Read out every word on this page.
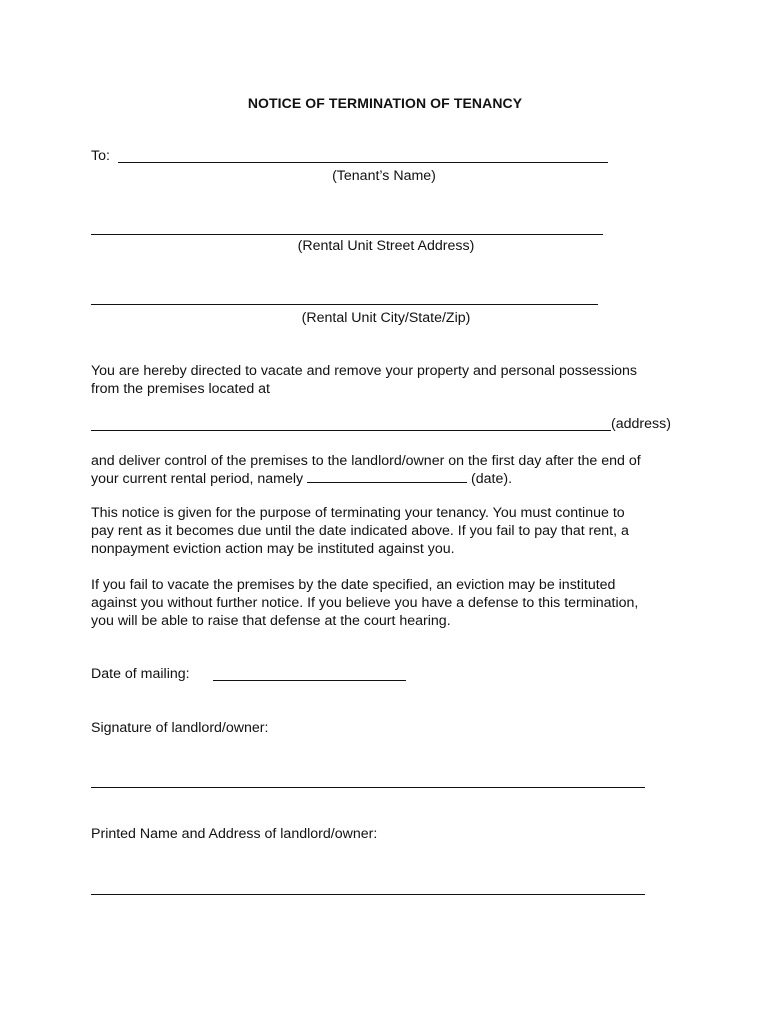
NOTICE OF TERMINATION OF TENANCY
To:
(Tenant’s Name)
(Rental Unit Street Address)
(Rental Unit City/State/Zip)
You are hereby directed to vacate and remove your property and personal possessions
from the premises located at
(address)
and deliver control of the premises to the landlord/owner on the first day after the end of
your current rental period, namely	(date).
This notice is given for the purpose of terminating your tenancy. You must continue to
pay rent as it becomes due until the date indicated above. If you fail to pay that rent, a
nonpayment eviction action may be instituted against you.
If you fail to vacate the premises by the date specified, an eviction may be instituted
against you without further notice. If you believe you have a defense to this termination,
you will be able to raise that defense at the court hearing.
Date of mailing:
Signature of landlord/owner:
Printed Name and Address of landlord/owner:
